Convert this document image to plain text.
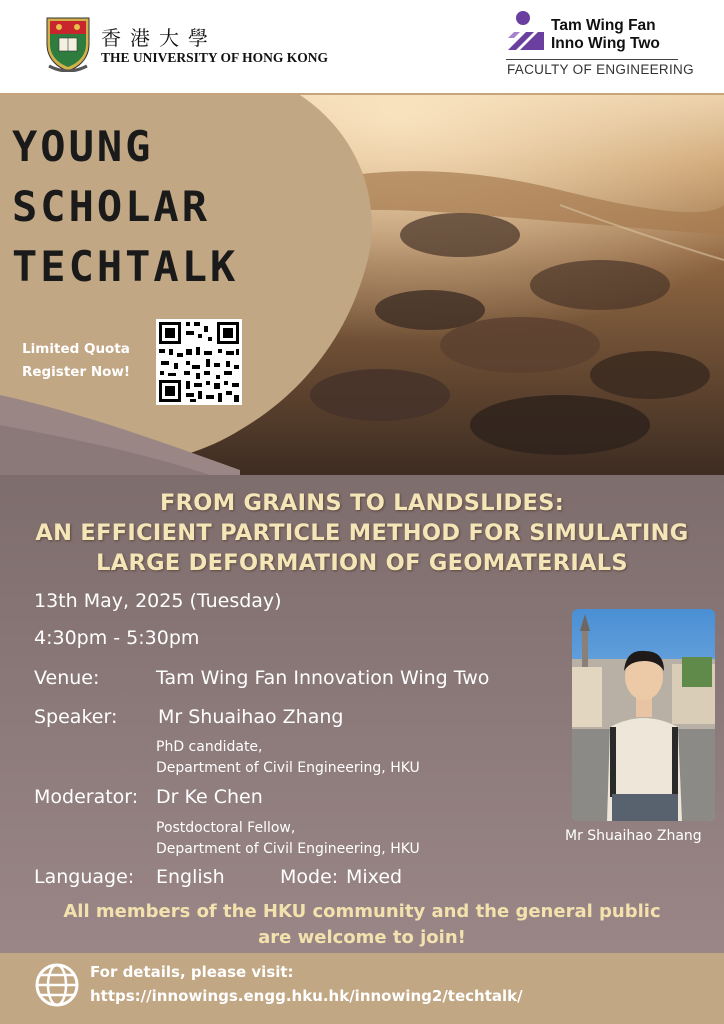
香港大學
THE UNIVERSITY OF HONG KONG
Tam Wing Fan
Inno Wing Two
FACULTY OF ENGINEERING
YOUNG
SCHOLAR
TECHTALK
Limited Quota
Register Now!
FROM GRAINS TO LANDSLIDES:
AN EFFICIENT PARTICLE METHOD FOR SIMULATING
LARGE DEFORMATION OF GEOMATERIALS
13th May, 2025 (Tuesday)
4:30pm - 5:30pm
Venue:	Tam Wing Fan Innovation Wing Two
Speaker: Mr Shuaihao Zhang
PhD candidate,
Department of Civil Engineering, HKU
Moderator: Dr Ke Chen
Postdoctoral Fellow,
Department of Civil Engineering, HKU
Language: English	Mode: Mixed
Mr Shuaihao Zhang
All members of the HKU community and the general public
are welcome to join!
For details, please visit:
https://innowings.engg.hku.hk/innowing2/techtalk/
